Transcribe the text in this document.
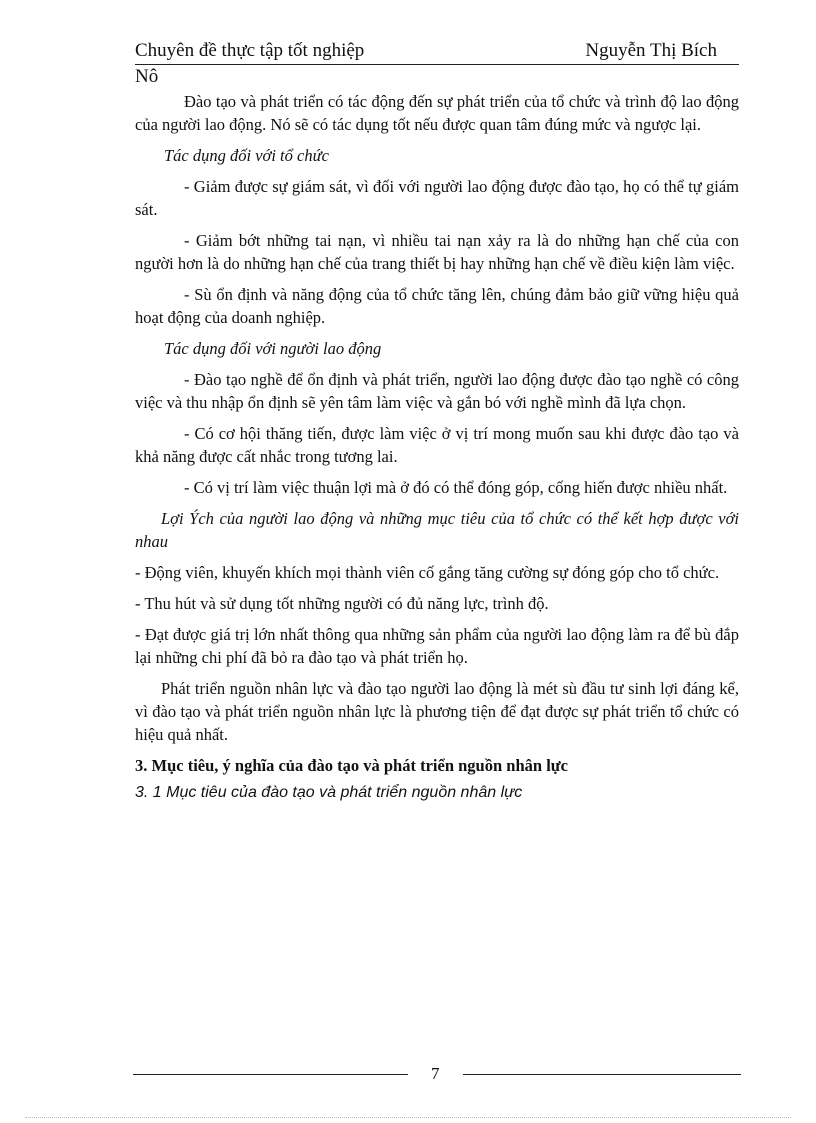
Chuyên đề thực tập tốt nghiệp	Nguyễn Thị Bích
Nô

Đào tạo và phát triển có tác động đến sự phát triển của tổ chức và trình độ lao động của người lao động. Nó sẽ có tác dụng tốt nếu được quan tâm đúng mức và ngược lại.

Tác dụng đối với tổ chức

- Giảm được sự giám sát, vì đối với người lao động được đào tạo, họ có thể tự giám sát.

- Giảm bớt những tai nạn, vì nhiều tai nạn xảy ra là do những hạn chế của con người hơn là do những hạn chế của trang thiết bị hay những hạn chế về điều kiện làm việc.

- Sù ổn định và năng động của tổ chức tăng lên, chúng đảm bảo giữ vững hiệu quả hoạt động của doanh nghiệp.

Tác dụng đối với người lao động

- Đào tạo nghề để ổn định và phát triển, người lao động được đào tạo nghề có công việc và thu nhập ổn định sẽ yên tâm làm việc và gắn bó với nghề mình đã lựa chọn.

- Có cơ hội thăng tiến, được làm việc ở vị trí mong muốn sau khi được đào tạo và khả năng được cất nhắc trong tương lai.

- Có vị trí làm việc thuận lợi mà ở đó có thể đóng góp, cống hiến được nhiều nhất.

Lợi Ých của người lao động và những mục tiêu của tổ chức có thể kết hợp được với nhau

- Động viên, khuyến khích mọi thành viên cố gắng tăng cường sự đóng góp cho tổ chức.

- Thu hút và sử dụng tốt những người có đủ năng lực, trình độ.

- Đạt được giá trị lớn nhất thông qua những sản phẩm của người lao động làm ra để bù đắp lại những chi phí đã bỏ ra đào tạo và phát triển họ.

Phát triển nguồn nhân lực và đào tạo người lao động là mét sù đầu tư sinh lợi đáng kể, vì đào tạo và phát triển nguồn nhân lực là phương tiện để đạt được sự phát triển tổ chức có hiệu quả nhất.

3. Mục tiêu, ý nghĩa của đào tạo và phát triển nguồn nhân lực

3. 1 Mục tiêu của đào tạo và phát triển nguồn nhân lực

7
